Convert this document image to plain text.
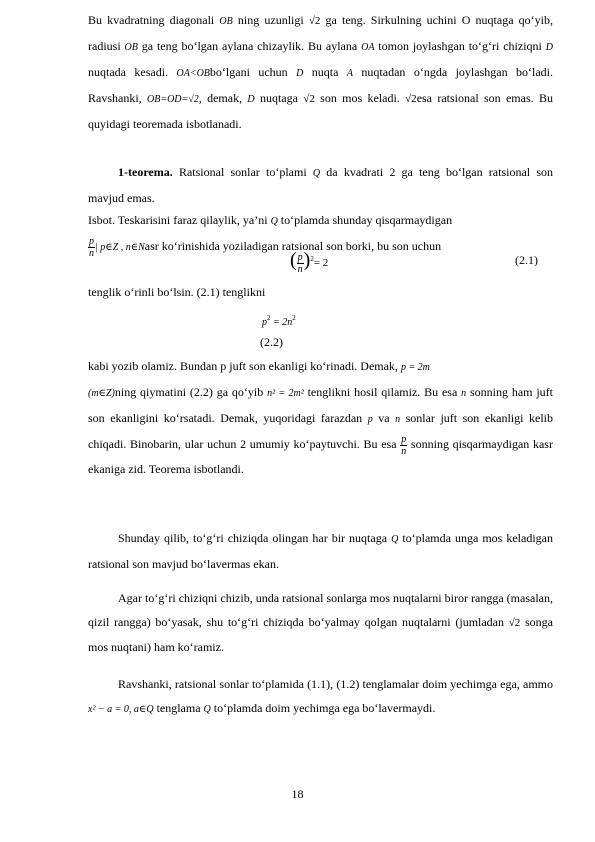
Bu kvadratning diagonali OB ning uzunligi √2 ga teng. Sirkulning uchini O nuqtaga qo‘yib, radiusi OB ga teng bo‘lgan aylana chizaylik. Bu aylana OA tomon joylashgan to‘g‘ri chiziqni D nuqtada kesadi. OA<OBbo‘lgani uchun D nuqta A nuqtadan o‘ngda joylashgan bo‘ladi. Ravshanki, OB=OD=√2, demak, D nuqtaga √2 son mos keladi. √2esa ratsional son emas. Bu quyidagi teoremada isbotlanadi.
1-teorema. Ratsional sonlar to‘plami Q da kvadrati 2 ga teng bo‘lgan ratsional son mavjud emas.
Isbot. Teskarisini faraz qilaylik, ya’ni Q to‘plamda shunday qisqarmaydigan

$\frac{p}{n}$ | p∈Z , n∈Nasr ko‘rinishida yoziladigan ratsional son borki, bu son uchun
( $\frac{p}{n} )^2= 2$	(2.1)
tenglik o‘rinli bo‘lsin. (2.1) tenglikni
$p^2 = 2n^2$
(2.2)
kabi yozib olamiz. Bundan p juft son ekanligi ko‘rinadi. Demak, p = 2m
(m∈Z)ning qiymatini (2.2) ga qo‘yib n² = 2m² tenglikni hosil qilamiz. Bu esa n sonning ham juft son ekanligini ko‘rsatadi. Demak, yuqoridagi farazdan p va n sonlar juft son ekanligi kelib chiqadi. Binobarin, ular uchun 2 umumiy ko‘paytuvchi. Bu esa $\frac{p}{n}$ sonning qisqarmaydigan kasr ekaniga zid. Teorema isbotlandi.
Shunday qilib, to‘g‘ri chiziqda olingan har bir nuqtaga Q to‘plamda unga mos keladigan ratsional son mavjud bo‘lavermas ekan.
Agar to‘g‘ri chiziqni chizib, unda ratsional sonlarga mos nuqtalarni biror rangga (masalan, qizil rangga) bo‘yasak, shu to‘g‘ri chiziqda bo‘yalmay qolgan nuqtalarni (jumladan √2 songa mos nuqtani) ham ko‘ramiz.
Ravshanki, ratsional sonlar to‘plamida (1.1), (1.2) tenglamalar doim yechimga ega, ammo x² − a = 0, a∈Q tenglama Q to‘plamda doim yechimga ega bo‘lavermaydi.
18
